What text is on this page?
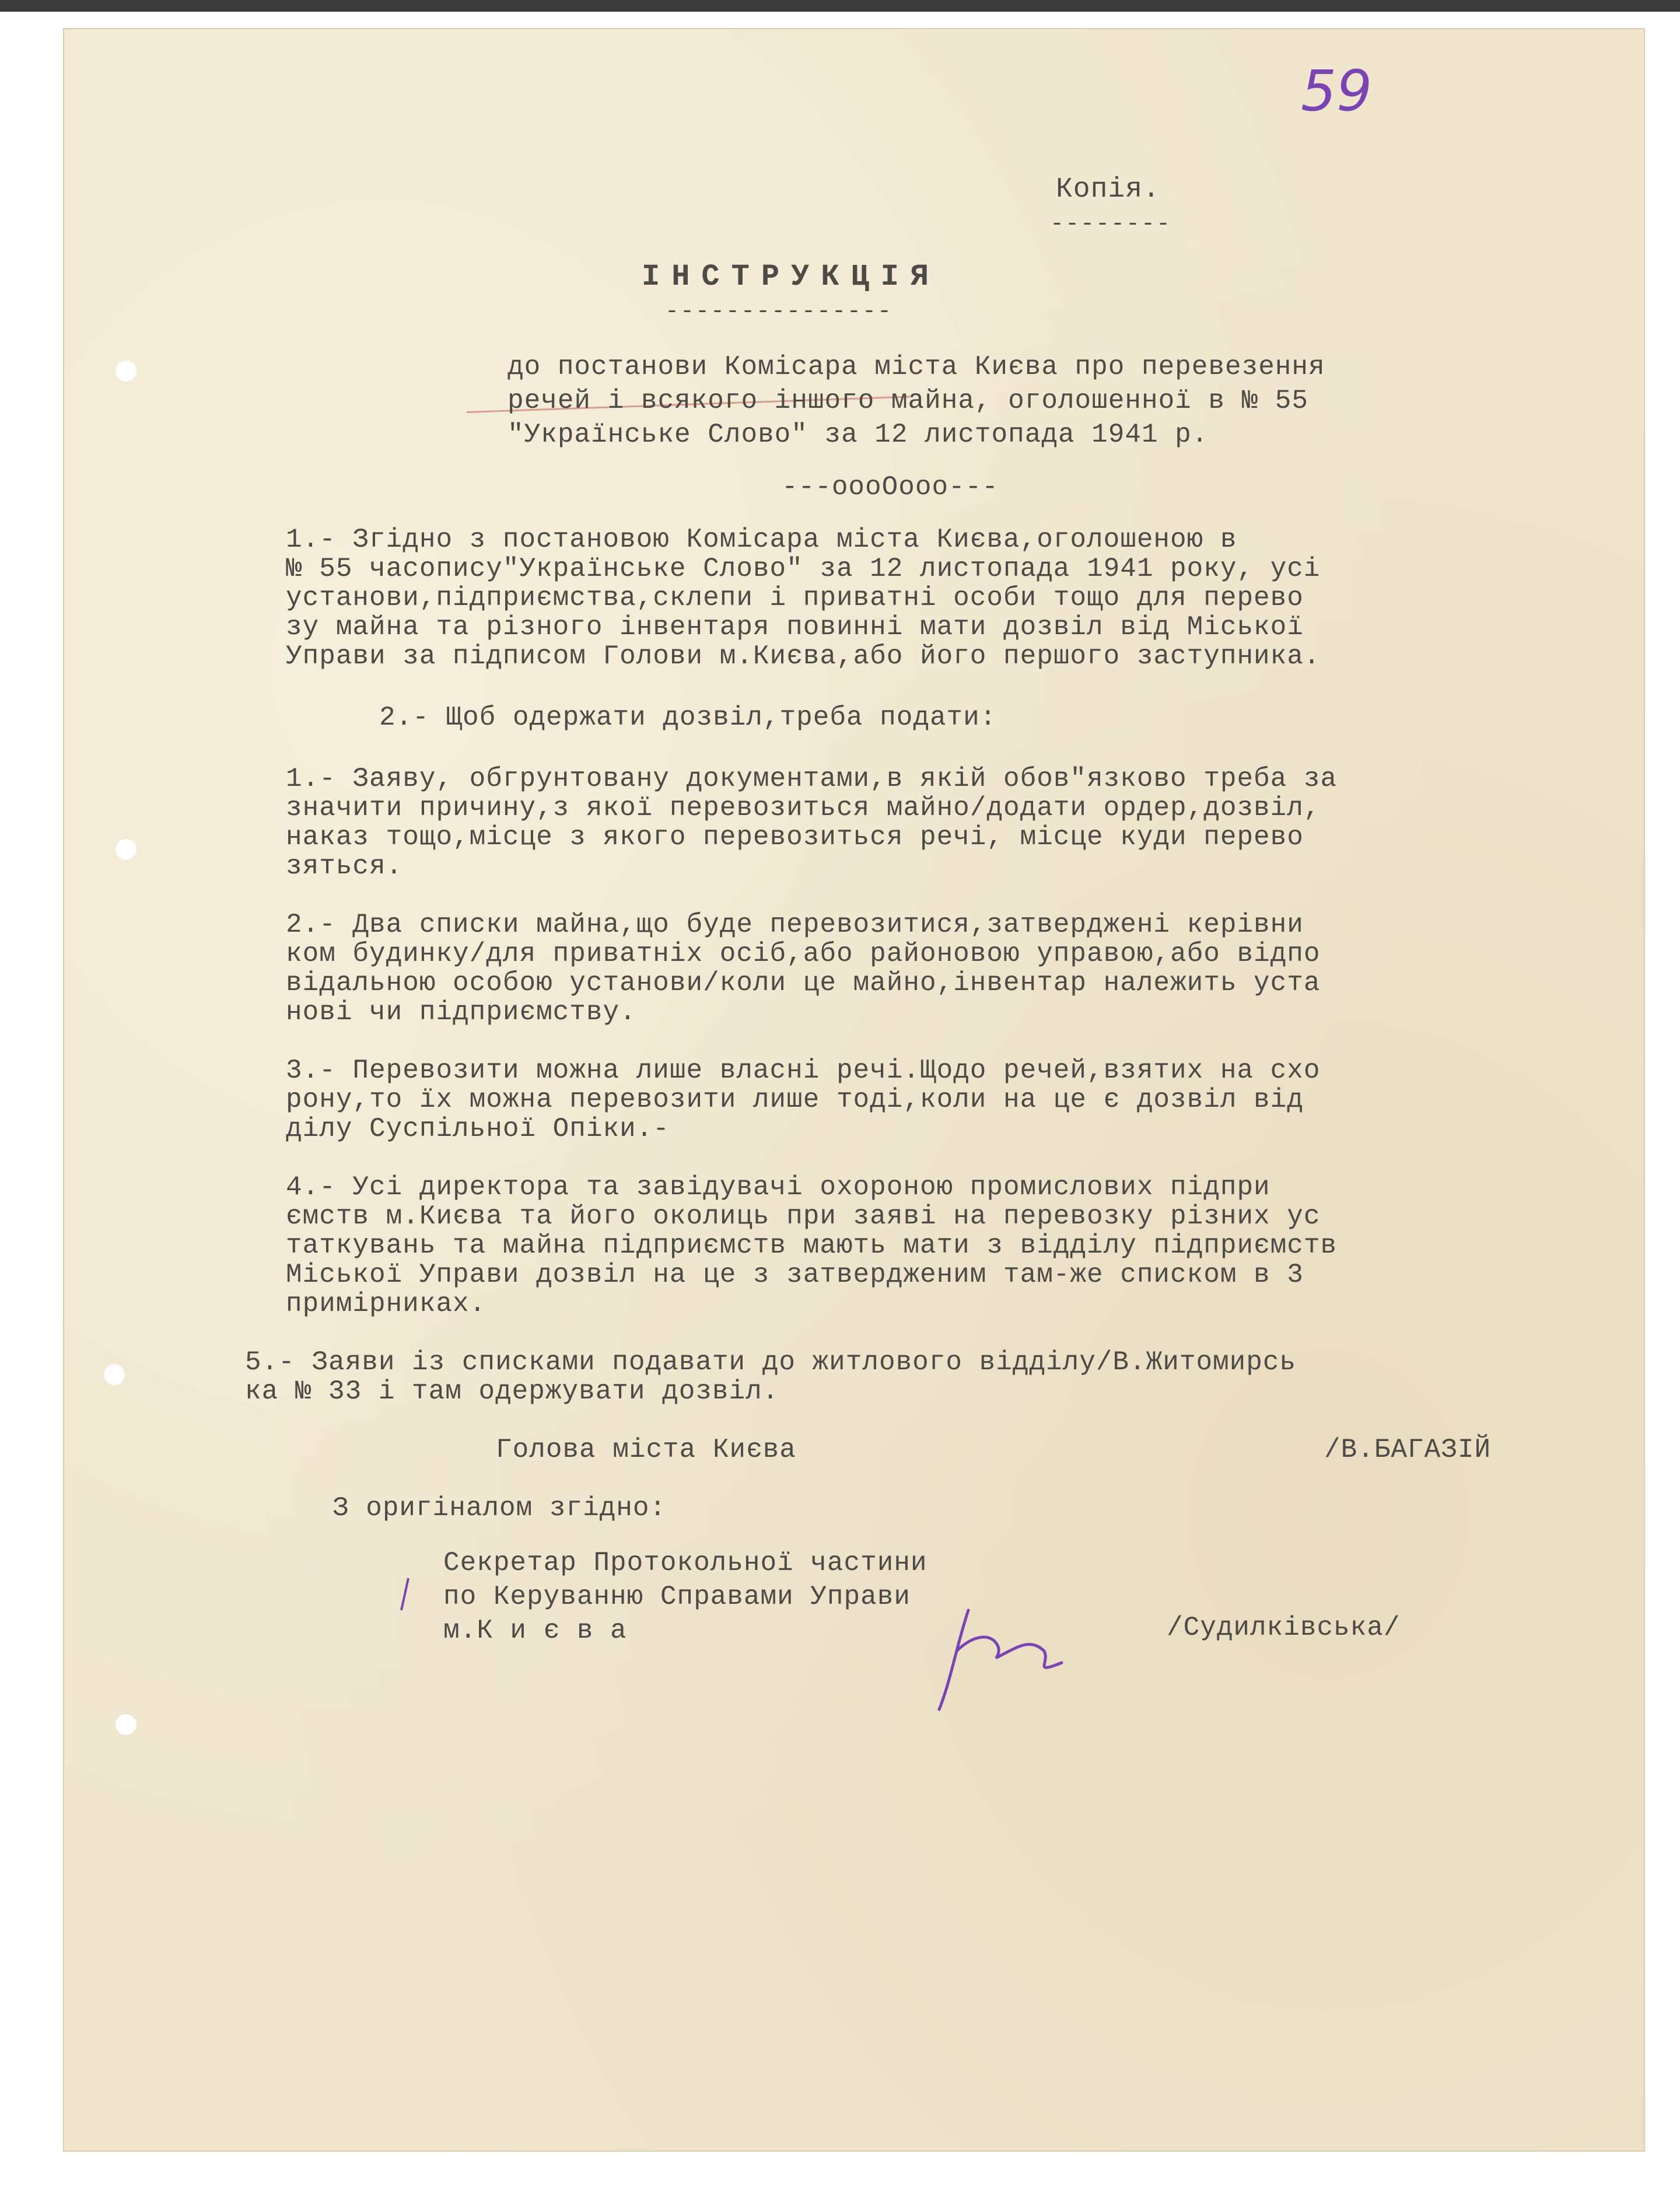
59
Копія.
--------
ІНСТРУКЦІЯ
---------------
до постанови Комісара міста Києва про перевезення
речей і всякого іншого майна, оголошенної в № 55
"Українське Слово" за 12 листопада 1941 р.
---oooOooo---
1.- Згідно з постановою Комісара міста Києва,оголошеною в
№ 55 часопису"Українське Слово" за 12 листопада 1941 року, усі
установи,підприємства,склепи і приватні особи тощо для перево
зу майна та різного інвентаря повинні мати дозвіл від Міської
Управи за підписом Голови м.Києва,або його першого заступника.
2.- Щоб одержати дозвіл,треба подати:
1.- Заяву, обгрунтовану документами,в якій обов"язково треба за
значити причину,з якої перевозиться майно/додати ордер,дозвіл,
наказ тощо,місце з якого перевозиться речі, місце куди перево
зяться.
2.- Два списки майна,що буде перевозитися,затверджені керівни
ком будинку/для приватніх осіб,або районовою управою,або відпо
відальною особою установи/коли це майно,інвентар належить уста
нові чи підприємству.
3.- Перевозити можна лише власні речі.Щодо речей,взятих на схо
рону,то їх можна перевозити лише тоді,коли на це є дозвіл від
ділу Суспільної Опіки.-
4.- Усі директора та завідувачі охороною промислових підпри
ємств м.Києва та його околиць при заяві на перевозку різних ус
таткувань та майна підприємств мають мати з відділу підприємств
Міської Управи дозвіл на це з затвердженим там-же списком в 3
примірниках.
5.- Заяви із списками подавати до житлового відділу/В.Житомирсь
ка № 33 і там одержувати дозвіл.
Голова міста Києва	/В.БАГАЗІЙ
З оригіналом згідно:
Секретар Протокольної частини
по Керуванню Справами Управи
м.К и є в а	/Судилківська/
